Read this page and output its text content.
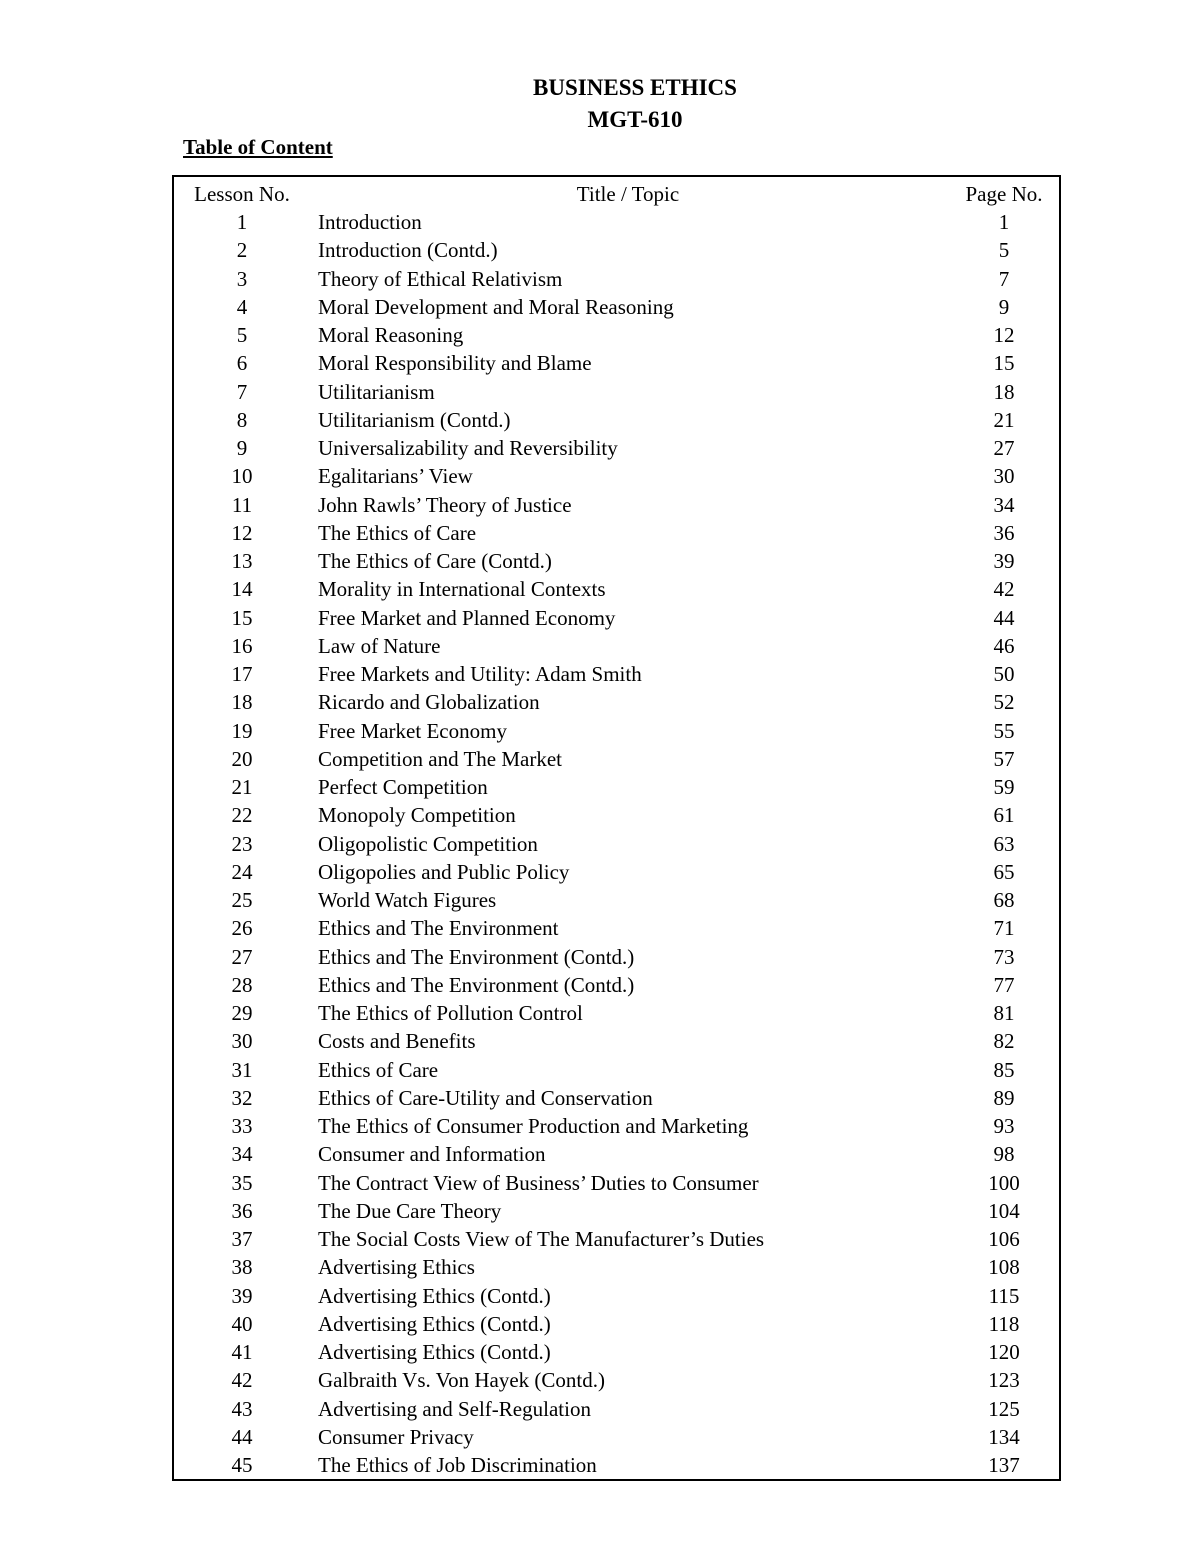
BUSINESS ETHICS
MGT-610
Table of Content
Lesson No.	Title / Topic	Page No.
1	Introduction	1
2	Introduction (Contd.)	5
3	Theory of Ethical Relativism	7
4	Moral Development and Moral Reasoning	9
5	Moral Reasoning	12
6	Moral Responsibility and Blame	15
7	Utilitarianism	18
8	Utilitarianism (Contd.)	21
9	Universalizability and Reversibility	27
10	Egalitarians’ View	30
11	John Rawls’ Theory of Justice	34
12	The Ethics of Care	36
13	The Ethics of Care (Contd.)	39
14	Morality in International Contexts	42
15	Free Market and Planned Economy	44
16	Law of Nature	46
17	Free Markets and Utility: Adam Smith	50
18	Ricardo and Globalization	52
19	Free Market Economy	55
20	Competition and The Market	57
21	Perfect Competition	59
22	Monopoly Competition	61
23	Oligopolistic Competition	63
24	Oligopolies and Public Policy	65
25	World Watch Figures	68
26	Ethics and The Environment	71
27	Ethics and The Environment (Contd.)	73
28	Ethics and The Environment (Contd.)	77
29	The Ethics of Pollution Control	81
30	Costs and Benefits	82
31	Ethics of Care	85
32	Ethics of Care-Utility and Conservation	89
33	The Ethics of Consumer Production and Marketing	93
34	Consumer and Information	98
35	The Contract View of Business’ Duties to Consumer	100
36	The Due Care Theory	104
37	The Social Costs View of The Manufacturer’s Duties	106
38	Advertising Ethics	108
39	Advertising Ethics (Contd.)	115
40	Advertising Ethics (Contd.)	118
41	Advertising Ethics (Contd.)	120
42	Galbraith Vs. Von Hayek (Contd.)	123
43	Advertising and Self-Regulation	125
44	Consumer Privacy	134
45	The Ethics of Job Discrimination	137
